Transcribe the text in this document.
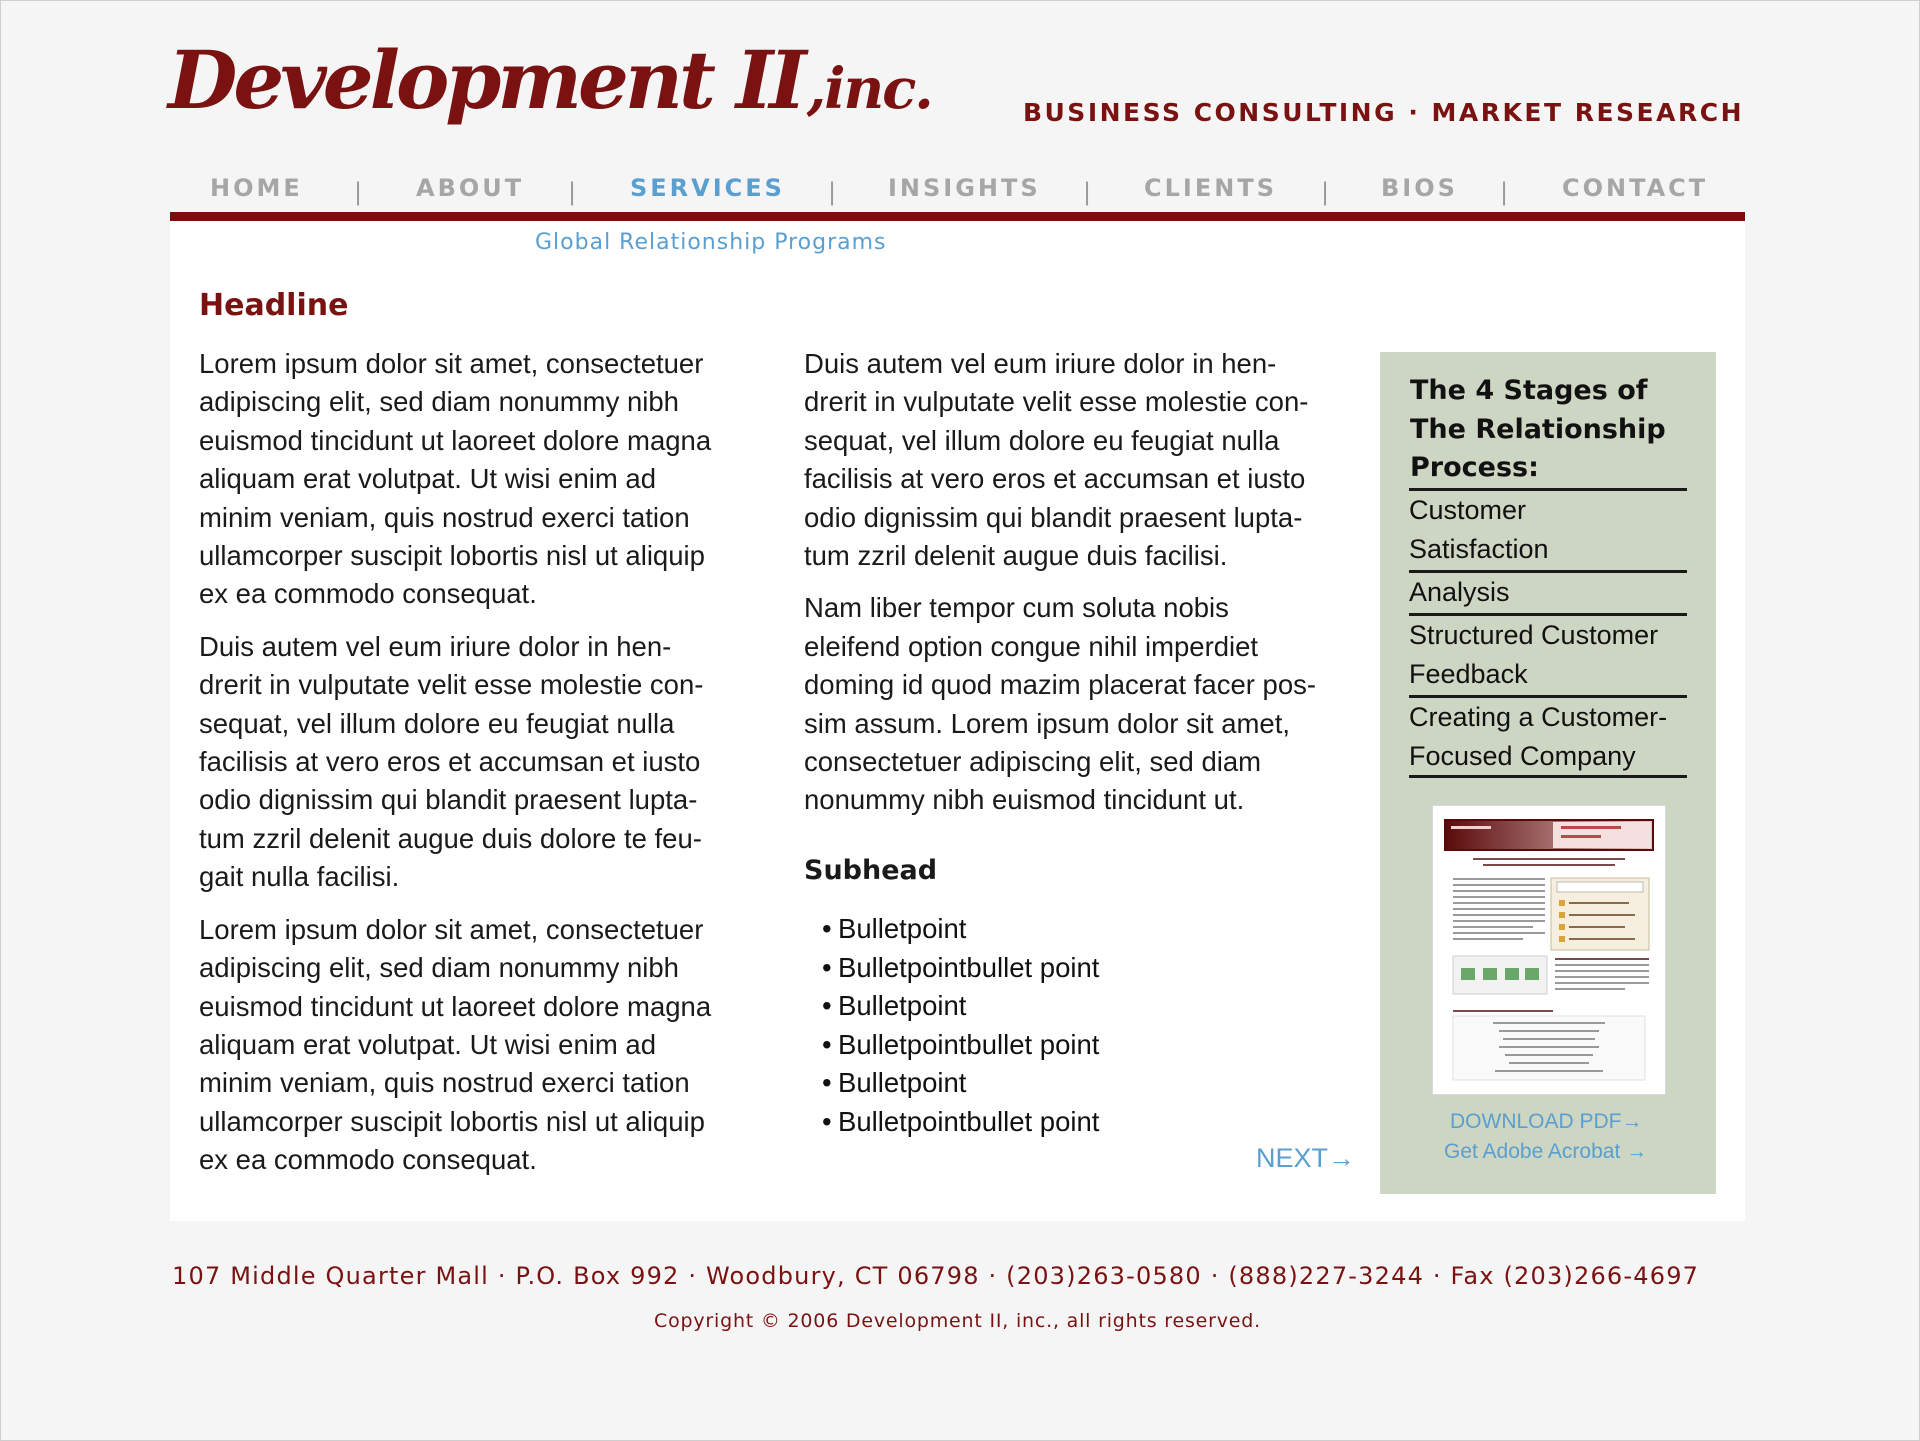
Development II,inc.	BUSINESS CONSULTING · MARKET RESEARCH
HOME | ABOUT | SERVICES | INSIGHTS | CLIENTS | BIOS | CONTACT
Global Relationship Programs
Headline

Lorem ipsum dolor sit amet, consectetuer
adipiscing elit, sed diam nonummy nibh
euismod tincidunt ut laoreet dolore magna
aliquam erat volutpat. Ut wisi enim ad
minim veniam, quis nostrud exerci tation
ullamcorper suscipit lobortis nisl ut aliquip
ex ea commodo consequat.

Duis autem vel eum iriure dolor in hen-
drerit in vulputate velit esse molestie con-
sequat, vel illum dolore eu feugiat nulla
facilisis at vero eros et accumsan et iusto
odio dignissim qui blandit praesent lupta-
tum zzril delenit augue duis dolore te feu-
gait nulla facilisi.

Lorem ipsum dolor sit amet, consectetuer
adipiscing elit, sed diam nonummy nibh
euismod tincidunt ut laoreet dolore magna
aliquam erat volutpat. Ut wisi enim ad
minim veniam, quis nostrud exerci tation
ullamcorper suscipit lobortis nisl ut aliquip
ex ea commodo consequat.

Duis autem vel eum iriure dolor in hen-
drerit in vulputate velit esse molestie con-
sequat, vel illum dolore eu feugiat nulla
facilisis at vero eros et accumsan et iusto
odio dignissim qui blandit praesent lupta-
tum zzril delenit augue duis facilisi.

Nam liber tempor cum soluta nobis
eleifend option congue nihil imperdiet
doming id quod mazim placerat facer pos-
sim assum. Lorem ipsum dolor sit amet,
consectetuer adipiscing elit, sed diam
nonummy nibh euismod tincidunt ut.

Subhead
• Bulletpoint
• Bulletpointbullet point
• Bulletpoint
• Bulletpointbullet point
• Bulletpoint
• Bulletpointbullet point
NEXT→
The 4 Stages of
The Relationship
Process:
Customer
Satisfaction
Analysis
Structured Customer
Feedback
Creating a Customer-
Focused Company
DOWNLOAD PDF→
Get Adobe Acrobat →
107 Middle Quarter Mall · P.O. Box 992 · Woodbury, CT 06798 · (203)263-0580 · (888)227-3244 · Fax (203)266-4697
Copyright © 2006 Development II, inc., all rights reserved.
